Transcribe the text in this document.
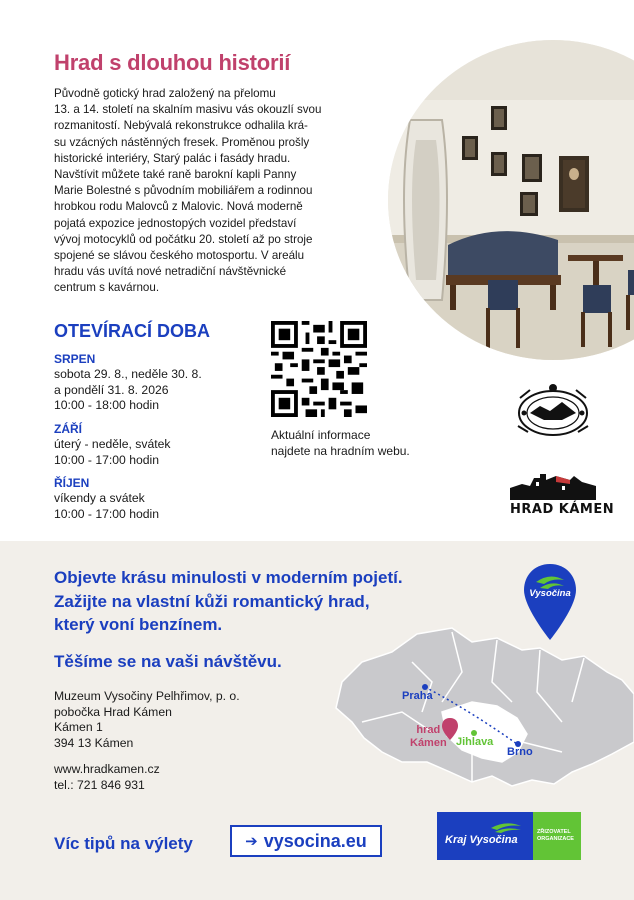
Hrad s dlouhou historií
Původně gotický hrad založený na přelomu
13. a 14. století na skalním masivu vás okouzlí svou
rozmanitostí. Nebývalá rekonstrukce odhalila krá-
su vzácných nástěnných fresek. Proměnou prošly
historické interiéry, Starý palác i fasády hradu.
Navštívit můžete také raně barokní kapli Panny
Marie Bolestné s původním mobiliářem a rodinnou
hrobkou rodu Malovců z Malovic. Nová moderně
pojatá expozice jednostopých vozidel představí
vývoj motocyklů od počátku 20. století až po stroje
spojené se slávou českého motosportu. V areálu
hradu vás uvítá nové netradiční návštěvnické
centrum s kavárnou.
OTEVÍRACÍ DOBA
SRPEN
sobota 29. 8., neděle 30. 8.
a pondělí 31. 8. 2026
10:00 - 18:00 hodin
ZÁŘÍ
úterý - neděle, svátek
10:00 - 17:00 hodin
ŘÍJEN
víkendy a svátek
10:00 - 17:00 hodin
Aktuální informace
najdete na hradním webu.
HRAD KÁMEN
Objevte krásu minulosti v moderním pojetí.
Zažijte na vlastní kůži romantický hrad,
který voní benzínem.
Těšíme se na vaši návštěvu.
Muzeum Vysočiny Pelhřimov, p. o.
pobočka Hrad Kámen
Kámen 1
394 13 Kámen
www.hradkamen.cz
tel.: 721 846 931
Vysočina
Praha
Brno
Jihlava
hrad
Kámen
Víc tipů na výlety	➔ vysocina.eu	Kraj Vysočina
ZŘIZOVATEL
ORGANIZACE
